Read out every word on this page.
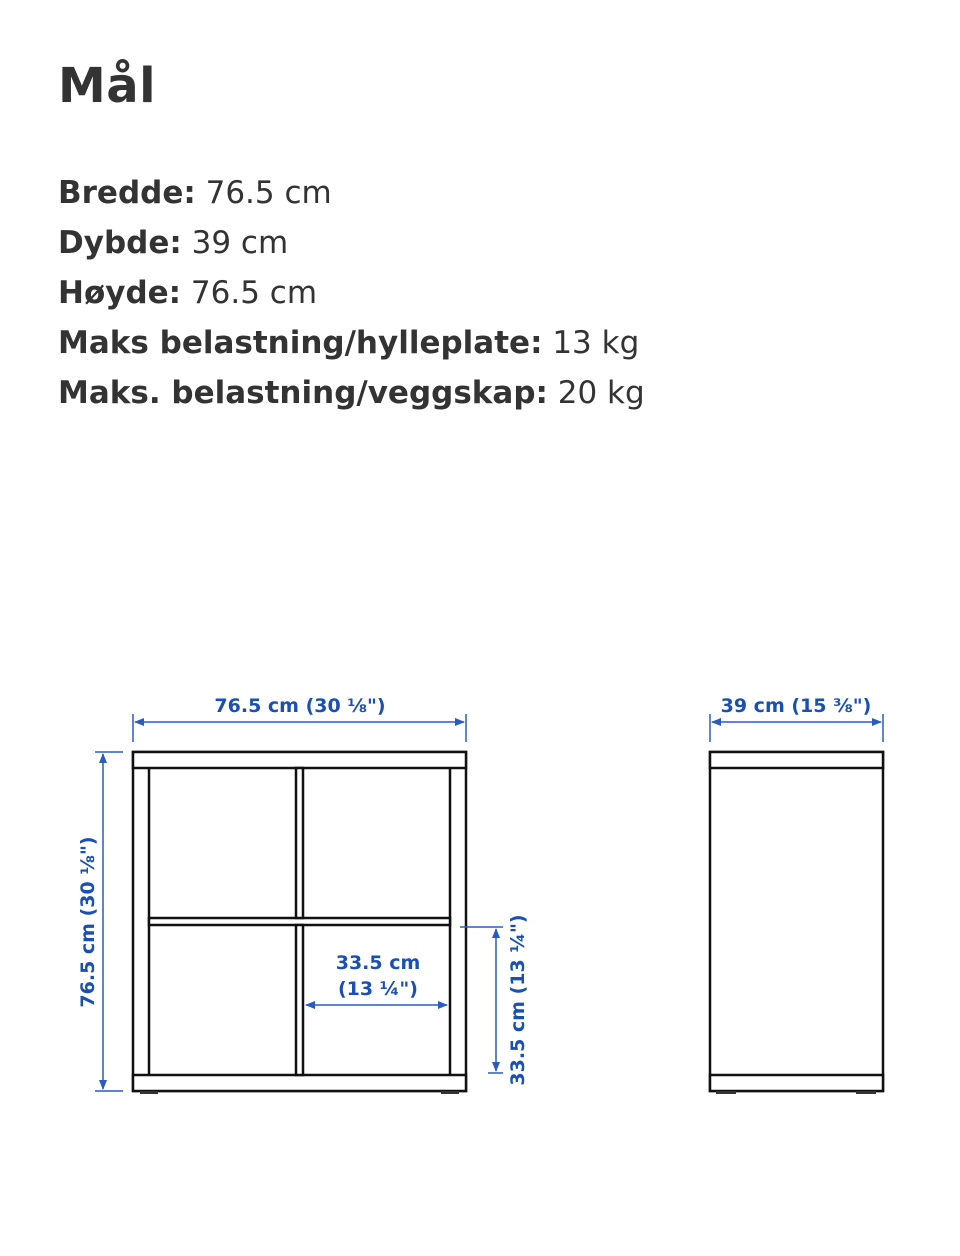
Mål
Bredde: 76.5 cm
Dybde: 39 cm
Høyde: 76.5 cm
Maks belastning/hylleplate: 13 kg
Maks. belastning/veggskap: 20 kg
76.5 cm (30 ⅛")
76.5 cm (30 ⅛")	33.5 cm
(13 ¼")	33.5 cm (13 ¼")
39 cm (15 ⅜")
